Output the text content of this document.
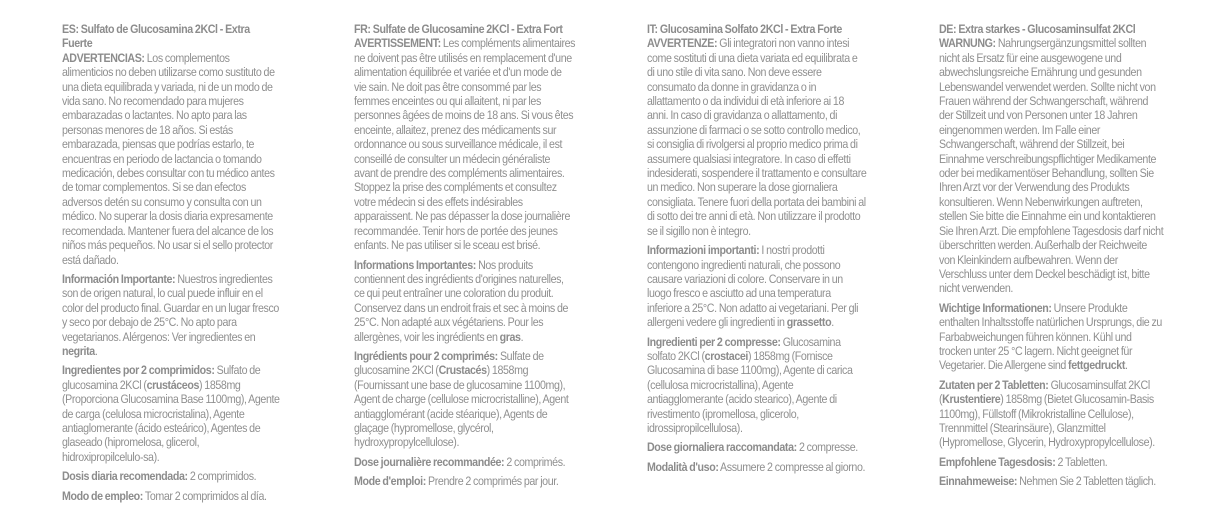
ES: Sulfato de Glucosamina 2KCl - Extra Fuerte

ADVERTENCIAS: Los complementos alimenticios no deben utilizarse como sustituto de una dieta equilibrada y variada, ni de un modo de vida sano. No recomendado para mujeres embarazadas o lactantes. No apto para las personas menores de 18 años. Si estás embarazada, piensas que podrías estarlo, te encuentras en periodo de lactancia o tomando medicación, debes consultar con tu médico antes de tomar complementos. Si se dan efectos adversos detén su consumo y consulta con un médico. No superar la dosis diaria expresamente recomendada. Mantener fuera del alcance de los niños más pequeños. No usar si el sello protector está dañado.

Información Importante: Nuestros ingredientes son de origen natural, lo cual puede influir en el color del producto final. Guardar en un lugar fresco y seco por debajo de 25°C. No apto para vegetarianos. Alérgenos: Ver ingredientes en negrita.

Ingredientes por 2 comprimidos: Sulfato de glucosamina 2KCl (crustáceos) 1858mg (Proporciona Glucosamina Base 1100mg), Agente de carga (celulosa microcristalina), Agente antiaglomerante (ácido esteárico), Agentes de glaseado (hipromelosa, glicerol, hidroxipropilcelulo-sa).

Dosis diaria recomendada: 2 comprimidos.

Modo de empleo: Tomar 2 comprimidos al día.

FR: Sulfate de Glucosamine 2KCl - Extra Fort

AVERTISSEMENT: Les compléments alimentaires ne doivent pas être utilisés en remplacement d'une alimentation équilibrée et variée et d'un mode de vie sain. Ne doit pas être consommé par les femmes enceintes ou qui allaitent, ni par les personnes âgées de moins de 18 ans. Si vous êtes enceinte, allaitez, prenez des médicaments sur ordonnance ou sous surveillance médicale, il est conseillé de consulter un médecin généraliste avant de prendre des compléments alimentaires. Stoppez la prise des compléments et consultez votre médecin si des effets indésirables apparaissent. Ne pas dépasser la dose journalière recommandée. Tenir hors de portée des jeunes enfants. Ne pas utiliser si le sceau est brisé.

Informations Importantes: Nos produits contiennent des ingrédients d'origines naturelles, ce qui peut entraîner une coloration du produit. Conservez dans un endroit frais et sec à moins de 25°C. Non adapté aux végétariens. Pour les allergènes, voir les ingrédients en gras.

Ingrédients pour 2 comprimés: Sulfate de glucosamine 2KCl (Crustacés) 1858mg (Fournissant une base de glucosamine 1100mg), Agent de charge (cellulose microcristalline), Agent antiagglomérant (acide stéarique), Agents de glaçage (hypromellose, glycérol, hydroxypropylcellulose).

Dose journalière recommandée: 2 comprimés.

Mode d'emploi: Prendre 2 comprimés par jour.

IT: Glucosamina Solfato 2KCl - Extra Forte

AVVERTENZE: Gli integratori non vanno intesi come sostituti di una dieta variata ed equilibrata e di uno stile di vita sano. Non deve essere consumato da donne in gravidanza o in allattamento o da individui di età inferiore ai 18 anni. In caso di gravidanza o allattamento, di assunzione di farmaci o se sotto controllo medico, si consiglia di rivolgersi al proprio medico prima di assumere qualsiasi integratore. In caso di effetti indesiderati, sospendere il trattamento e consultare un medico. Non superare la dose giornaliera consigliata. Tenere fuori della portata dei bambini al di sotto dei tre anni di età. Non utilizzare il prodotto se il sigillo non è integro.

Informazioni importanti: I nostri prodotti contengono ingredienti naturali, che possono causare variazioni di colore. Conservare in un luogo fresco e asciutto ad una temperatura inferiore a 25°C. Non adatto ai vegetariani. Per gli allergeni vedere gli ingredienti in grassetto.

Ingredienti per 2 compresse: Glucosamina solfato 2KCl (crostacei) 1858mg (Fornisce Glucosamina di base 1100mg), Agente di carica (cellulosa microcristallina), Agente antiagglomerante (acido stearico), Agente di rivestimento (ipromellosa, glicerolo, idrossipropilcellulosa).

Dose giornaliera raccomandata: 2 compresse.

Modalità d'uso: Assumere 2 compresse al giorno.

DE: Extra starkes - Glucosaminsulfat 2KCl

WARNUNG: Nahrungsergänzungsmittel sollten nicht als Ersatz für eine ausgewogene und abwechslungsreiche Ernährung und gesunden Lebenswandel verwendet werden. Sollte nicht von Frauen während der Schwangerschaft, während der Stillzeit und von Personen unter 18 Jahren eingenommen werden. Im Falle einer Schwangerschaft, während der Stillzeit, bei Einnahme verschreibungspflichtiger Medikamente oder bei medikamentöser Behandlung, sollten Sie Ihren Arzt vor der Verwendung des Produkts konsultieren. Wenn Nebenwirkungen auftreten, stellen Sie bitte die Einnahme ein und kontaktieren Sie Ihren Arzt. Die empfohlene Tagesdosis darf nicht überschritten werden. Außerhalb der Reichweite von Kleinkindern aufbewahren. Wenn der Verschluss unter dem Deckel beschädigt ist, bitte nicht verwenden.

Wichtige Informationen: Unsere Produkte enthalten Inhaltsstoffe natürlichen Ursprungs, die zu Farbabweichungen führen können. Kühl und trocken unter 25 °C lagern. Nicht geeignet für Vegetarier. Die Allergene sind fettgedruckt.

Zutaten per 2 Tabletten: Glucosaminsulfat 2KCl (Krustentiere) 1858mg (Bietet Glucosamin-Basis 1100mg), Füllstoff (Mikrokristalline Cellulose), Trennmittel (Stearinsäure), Glanzmittel (Hypromellose, Glycerin, Hydroxypropylcellulose).

Empfohlene Tagesdosis: 2 Tabletten.

Einnahmeweise: Nehmen Sie 2 Tabletten täglich.
